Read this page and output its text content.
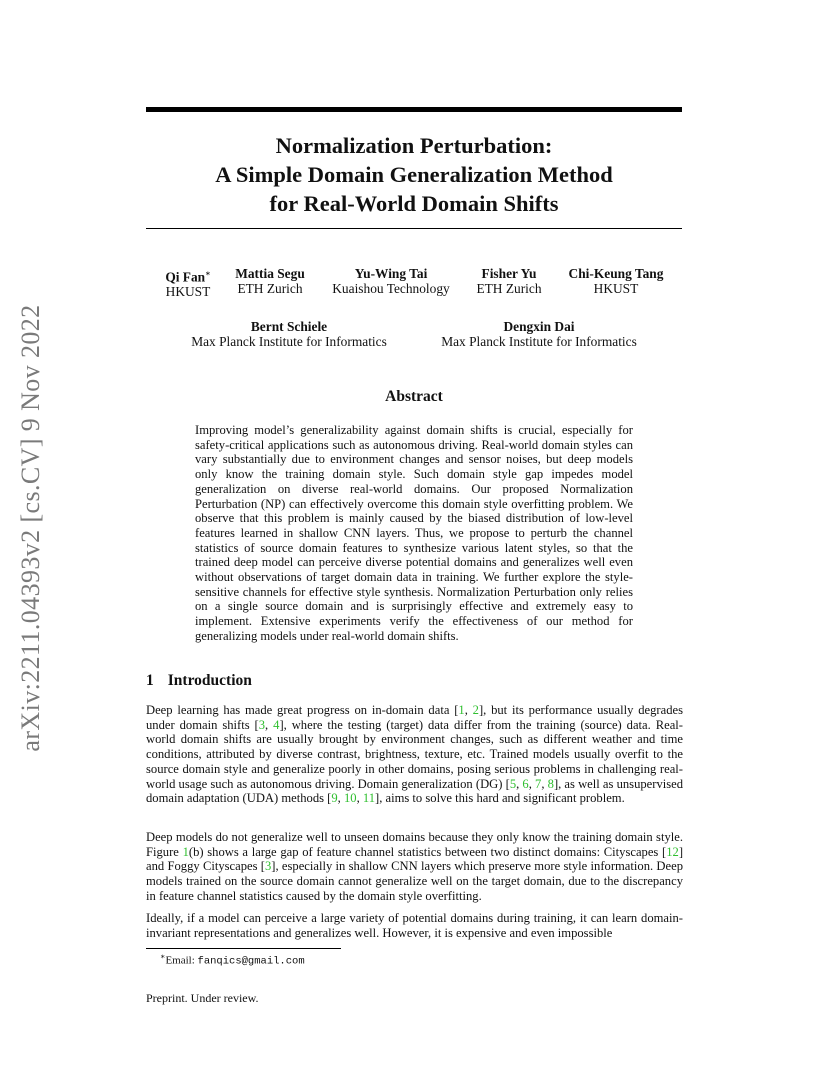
arXiv:2211.04393v2 [cs.CV] 9 Nov 2022
Normalization Perturbation:
A Simple Domain Generalization Method
for Real-World Domain Shifts
Qi Fan∗
HKUST
Mattia Segu
ETH Zurich
Yu-Wing Tai
Kuaishou Technology
Fisher Yu
ETH Zurich
Chi-Keung Tang
HKUST
Bernt Schiele
Max Planck Institute for Informatics
Dengxin Dai
Max Planck Institute for Informatics
Abstract
Improving model’s generalizability against domain shifts is crucial, especially for safety-critical applications such as autonomous driving. Real-world domain styles can vary substantially due to environment changes and sensor noises, but deep models only know the training domain style. Such domain style gap impedes model generalization on diverse real-world domains. Our proposed Normalization Perturbation (NP) can effectively overcome this domain style overfitting problem. We observe that this problem is mainly caused by the biased distribution of low-level features learned in shallow CNN layers. Thus, we propose to perturb the channel statistics of source domain features to synthesize various latent styles, so that the trained deep model can perceive diverse potential domains and generalizes well even without observations of target domain data in training. We further explore the style-sensitive channels for effective style synthesis. Normalization Perturbation only relies on a single source domain and is surprisingly effective and extremely easy to implement. Extensive experiments verify the effectiveness of our method for generalizing models under real-world domain shifts.
1 Introduction
Deep learning has made great progress on in-domain data [1, 2], but its performance usually degrades under domain shifts [3, 4], where the testing (target) data differ from the training (source) data. Real-world domain shifts are usually brought by environment changes, such as different weather and time conditions, attributed by diverse contrast, brightness, texture, etc. Trained models usually overfit to the source domain style and generalize poorly in other domains, posing serious problems in challenging real-world usage such as autonomous driving. Domain generalization (DG) [5, 6, 7, 8], as well as unsupervised domain adaptation (UDA) methods [9, 10, 11], aims to solve this hard and significant problem.
Deep models do not generalize well to unseen domains because they only know the training domain style. Figure 1(b) shows a large gap of feature channel statistics between two distinct domains: Cityscapes [12] and Foggy Cityscapes [3], especially in shallow CNN layers which preserve more style information. Deep models trained on the source domain cannot generalize well on the target domain, due to the discrepancy in feature channel statistics caused by the domain style overfitting.
Ideally, if a model can perceive a large variety of potential domains during training, it can learn domain-invariant representations and generalizes well. However, it is expensive and even impossible
∗Email: fanqics@gmail.com
Preprint. Under review.
